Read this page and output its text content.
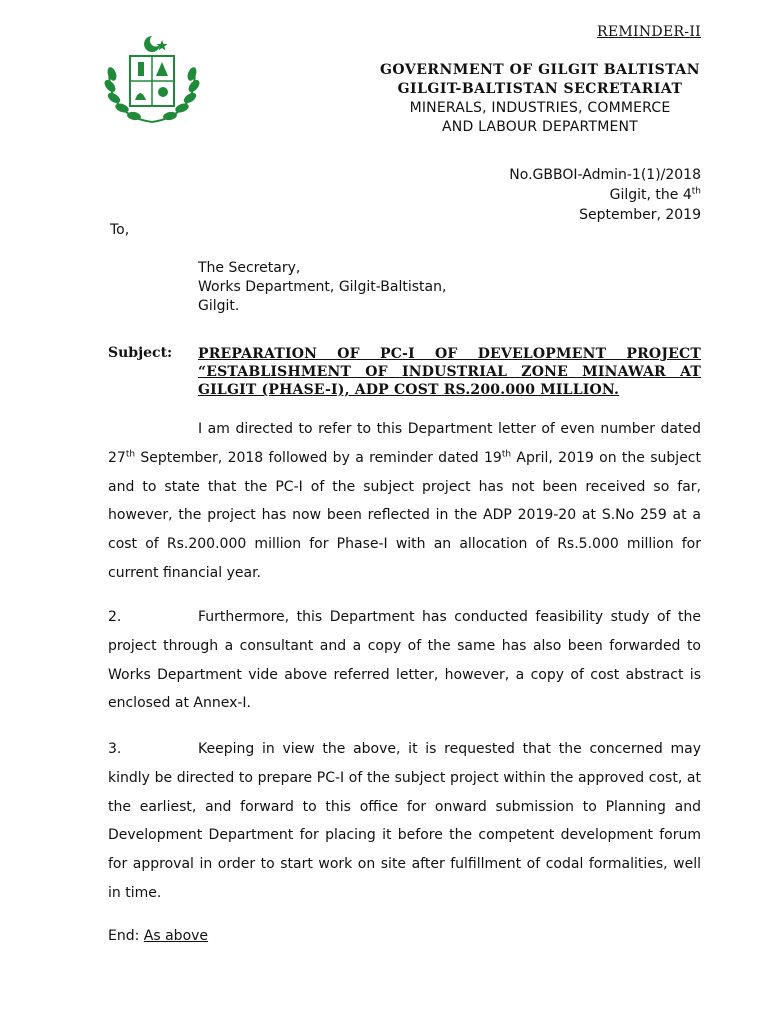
REMINDER-II
GOVERNMENT OF GILGIT BALTISTAN
GILGIT-BALTISTAN SECRETARIAT
MINERALS, INDUSTRIES, COMMERCE
AND LABOUR DEPARTMENT
No.GBBOI-Admin-1(1)/2018
Gilgit, the 4th
September, 2019
To,
The Secretary,
Works Department, Gilgit-Baltistan,
Gilgit.
Subject: PREPARATION OF PC-I OF DEVELOPMENT PROJECT “ESTABLISHMENT OF INDUSTRIAL ZONE MINAWAR AT GILGIT (PHASE-I), ADP COST RS.200.000 MILLION.
I am directed to refer to this Department letter of even number dated 27th September, 2018 followed by a reminder dated 19th April, 2019 on the subject and to state that the PC-I of the subject project has not been received so far, however, the project has now been reflected in the ADP 2019-20 at S.No 259 at a cost of Rs.200.000 million for Phase-I with an allocation of Rs.5.000 million for current financial year.
2.	Furthermore, this Department has conducted feasibility study of the project through a consultant and a copy of the same has also been forwarded to Works Department vide above referred letter, however, a copy of cost abstract is enclosed at Annex-I.
3.	Keeping in view the above, it is requested that the concerned may kindly be directed to prepare PC-I of the subject project within the approved cost, at the earliest, and forward to this office for onward submission to Planning and Development Department for placing it before the competent development forum for approval in order to start work on site after fulfillment of codal formalities, well in time.
End: As above
